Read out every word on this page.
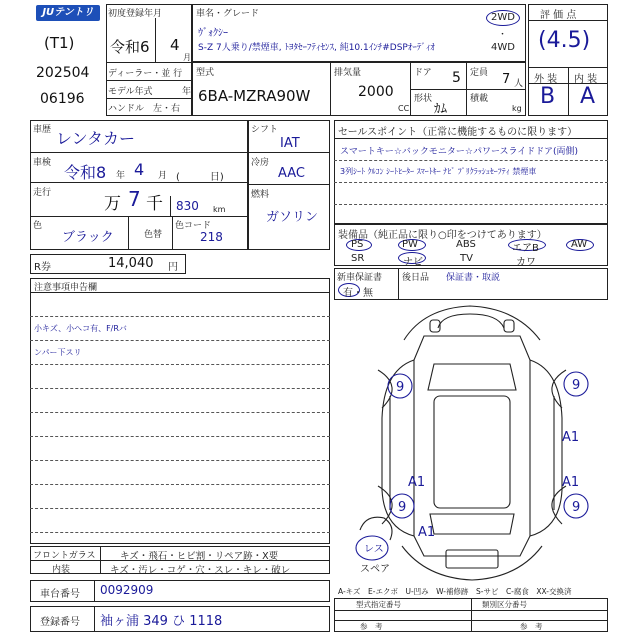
JUテントリ
(T1)
202504
06196
初度登録年月
令和6 4
月
ディーラー・並 行
モデル年式	年
ハンドル　左・右
車名・グレード
ｳﾞｫｸｼｰ
S-Z 7人乗り/禁煙車, ﾄﾖﾀｾｰﾌﾃｨｾﾝｽ, 純10.1ｲﾝﾁ#DSPｵｰﾃﾞｨｵ
2WD
・
4WD
型式
6BA-MZRA90W
排気量
2000
CC
ドア 5 定員 7 人
形状
ｶﾑ
積載
kg
評 価 点
(4.5)
外 装 内 装
B A
車歴 レンタカー
車検 令和8 年 4 月 (　　　日)
走行
万 7 千 830 km
色
ブラック	色替
色コード
218
シフト
IAT
冷房
AAC
燃料
ガソリン
R券	14,040 円
セールスポイント（正常に機能するものに限ります）
スマートキー☆バックモニター☆パワースライドドア(両側)
3列ｼｰﾄ ｸﾙｺﾝ ｼｰﾄﾋｰﾀｰ ｽﾏｰﾄｷｰ ﾅﾋﾞ ﾌﾟﾘｸﾗｯｼｭｾｰﾌﾃｨ 禁煙車
装備品（純正品に限り○印をつけてあります）
PS	PW	ABS	エアB	AW
SR	ナビ	TV	カワ
新車保証書
有・無
後日品 保証書・取説
注意事項申告欄
小キズ、小ヘコ有、F/Rバ
ンパー下スリ
9	9
A1
A1
9	9
A1
A1
レス
スペア
フロントガラス	キズ・飛石・ヒビ割・リペア跡・X要
内装	キズ・汚レ・コゲ・穴・スレ・キレ・破レ
A-キズ　E-エクボ　U-凹み　W-補修跡　S-サビ　C-腐食　XX-交換済
車台番号 0092909
登録番号 袖ヶ浦 349 ひ 1118
型式指定番号	類別区分番号
参　考	参　考
